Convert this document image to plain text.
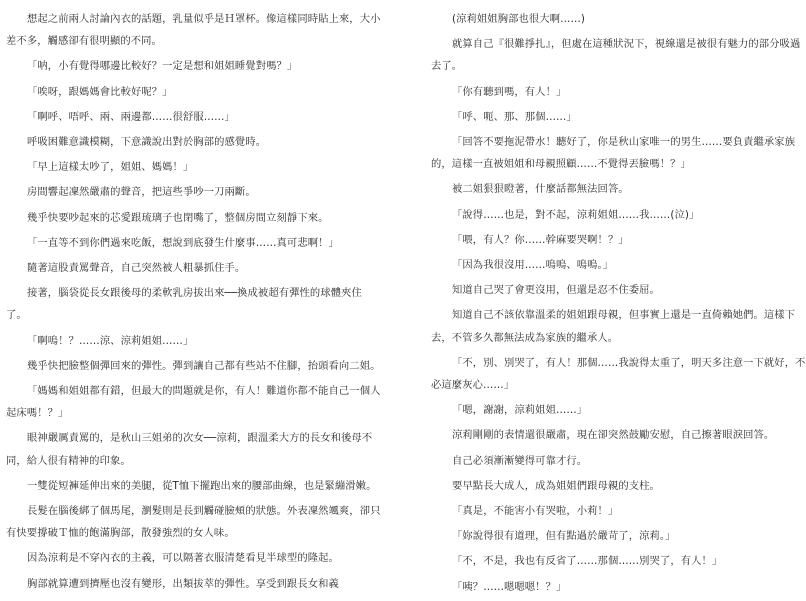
想起之前兩人討論內衣的話題，乳量似乎是Ｈ罩杯。像這樣同時貼上來，大小差不多，觸感卻有很明顯的不同。

「呐，小有覺得哪邊比較好？一定是想和姐姐睡覺對嗎？」

「唉呀，跟媽媽會比較好呢？」

「啊呼、唔呼、兩、兩邊都……很舒服……」

呼吸困難意識模糊，下意識說出對於胸部的感覺時。

「早上這樣太吵了，姐姐、媽媽！」

房間響起凜然嚴肅的聲音，把這些爭吵一刀兩斷。

幾乎快要吵起來的芯愛跟琉璃子也閉嘴了，整個房間立刻靜下來。

「一直等不到你們過來吃飯，想說到底發生什麼事……真可悲啊！」

隨著這股責罵聲音，自己突然被人粗暴抓住手。

接著，腦袋從長女跟後母的柔軟乳房拔出來──換成被超有彈性的球體夾住了。

「啊嗚！？……涼、涼莉姐姐……」

幾乎快把臉整個彈回來的彈性。彈到讓自己都有些站不住腳，抬頭看向二姐。

「媽媽和姐姐都有錯，但最大的問題就是你，有人！難道你都不能自己一個人起床嗎！？」

眼神嚴厲責罵的，是秋山三姐弟的次女──涼莉，跟溫柔大方的長女和後母不同，給人很有精神的印象。

一雙從短褲延伸出來的美腿，從T恤下擺跑出來的腰部曲線，也是緊繃滑嫩。

長髮在腦後綁了個馬尾，瀏髮則是長到觸碰臉頰的狀態。外表凜然颯爽，卻只有快要撐破Ｔ恤的飽滿胸部，散發強烈的女人味。

因為涼莉是不穿內衣的主義，可以隔著衣服清楚看見半球型的隆起。

胸部就算遭到擠壓也沒有變形，出類拔萃的彈性。享受到跟長女和義

(涼莉姐姐胸部也很大啊……)

就算自己『很難掙扎』，但處在這種狀況下，視線還是被很有魅力的部分吸過去了。

「你有聽到嗎，有人！」

「呼、呃、那、那個……」

「回答不要拖泥帶水！聽好了，你是秋山家唯一的男生……要負責繼承家族的，這樣一直被姐姐和母親照顧……不覺得丟臉嗎！？」

被二姐狠狠瞪著，什麼話都無法回答。

「說得……也是，對不起，涼莉姐姐……我……(泣)」

「喂，有人？你……幹麻要哭啊！？」

「因為我很沒用……嗚嗚、嗚嗚。」

知道自己哭了會更沒用，但還是忍不住委屈。

知道自己不該依靠溫柔的姐姐跟母親，但事實上還是一直倚賴她們。這樣下去，不管多久都無法成為家族的繼承人。

「不，別、別哭了，有人！那個……我說得太重了，明天多注意一下就好，不必這麼灰心……」

「嗯，謝謝，涼莉姐姐……」

涼莉剛剛的表情還很嚴肅，現在卻突然鼓勵安慰，自己擦著眼淚回答。

自己必須漸漸變得可靠才行。

要早點長大成人，成為姐姐們跟母親的支柱。

「真是，不能害小有哭啦，小莉！」

「妳說得很有道理，但有點過於嚴苛了，涼莉。」

「不，不是，我也有反省了……那個……別哭了，有人！」

「咦？……嗯嗯嗯！？」
